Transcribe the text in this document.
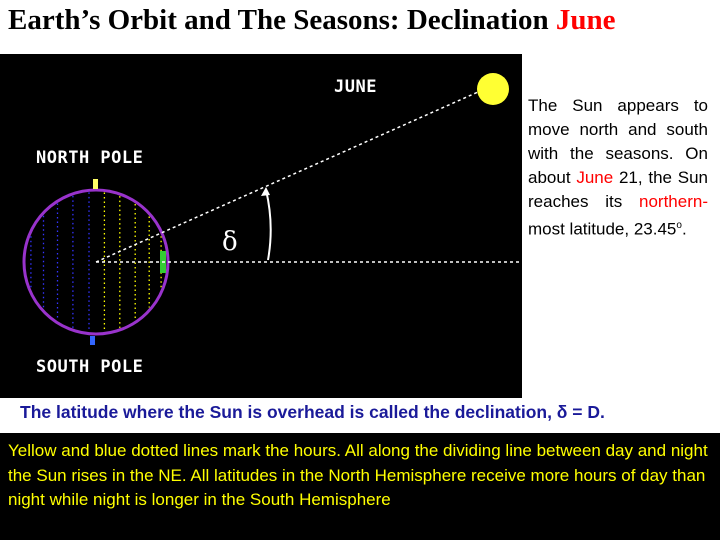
Earth’s Orbit and The Seasons: Declination June
JUNE
NORTH POLE
SOUTH POLE
δ
The Sun appears to move north and south with the seasons. On about June 21, the Sun reaches its northern- most latitude, 23.45$^o$.
The latitude where the Sun is overhead is called the declination, δ = D.
Yellow and blue dotted lines mark the hours. All along the dividing line between day and night the Sun rises in the NE. All latitudes in the North Hemisphere receive more hours of day than night while night is longer in the South Hemisphere
